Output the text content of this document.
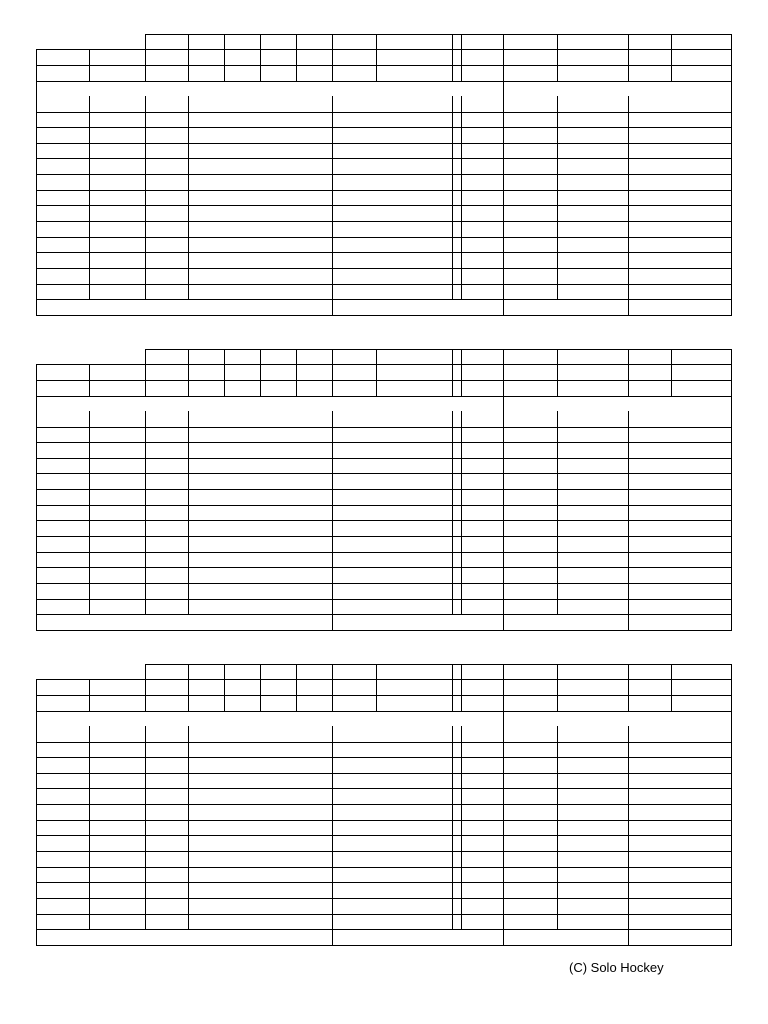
(C) Solo Hockey
